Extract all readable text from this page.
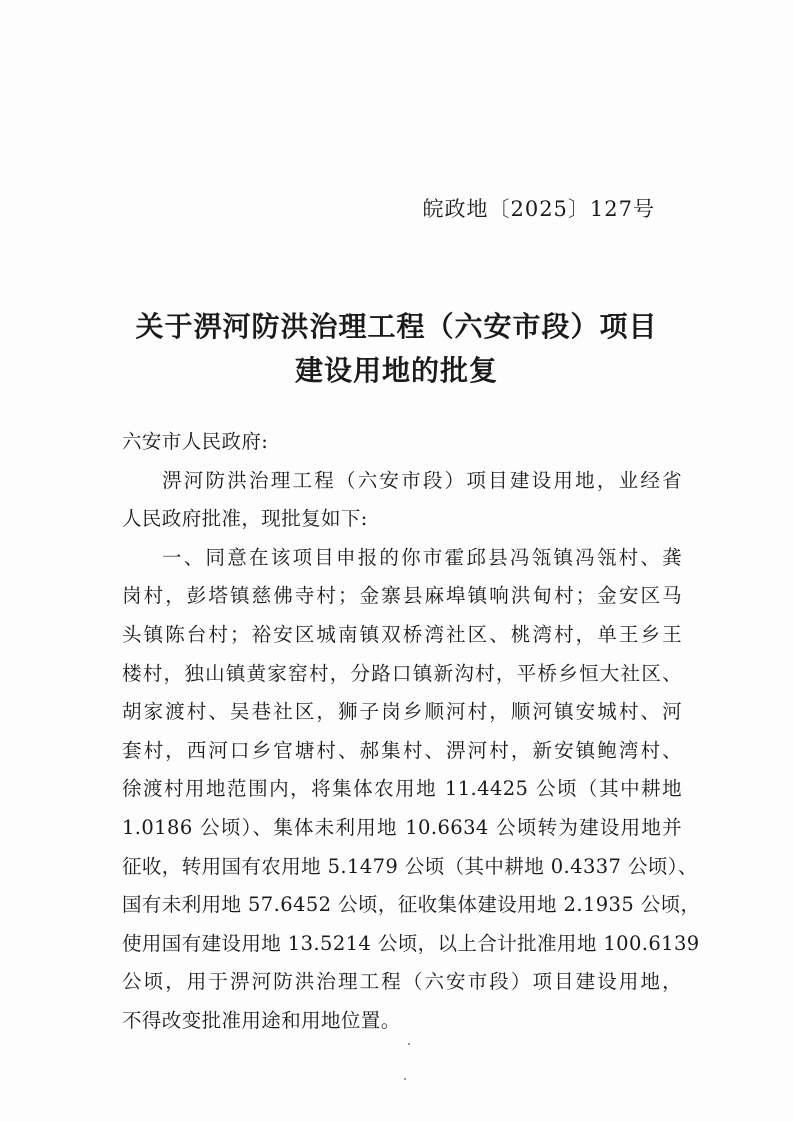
皖政地〔2025〕127号
关于淠河防洪治理工程（六安市段）项目
建设用地的批复
六安市人民政府:
淠河防洪治理工程（六安市段）项目建设用地，业经省
人民政府批准，现批复如下:
一、同意在该项目申报的你市霍邱县冯瓴镇冯瓴村、龚
岗村，彭塔镇慈佛寺村；金寨县麻埠镇响洪甸村；金安区马
头镇陈台村；裕安区城南镇双桥湾社区、桃湾村，单王乡王
楼村，独山镇黄家窑村，分路口镇新沟村，平桥乡恒大社区、
胡家渡村、吴巷社区，狮子岗乡顺河村，顺河镇安城村、河
套村，西河口乡官塘村、郝集村、淠河村，新安镇鲍湾村、
徐渡村用地范围内，将集体农用地 11.4425 公顷（其中耕地
1.0186 公顷）、集体未利用地 10.6634 公顷转为建设用地并
征收，转用国有农用地 5.1479 公顷（其中耕地 0.4337 公顷）、
国有未利用地 57.6452 公顷，征收集体建设用地 2.1935 公顷，
使用国有建设用地 13.5214 公顷，以上合计批准用地 100.6139
公顷，用于淠河防洪治理工程（六安市段）项目建设用地，
不得改变批准用途和用地位置。
